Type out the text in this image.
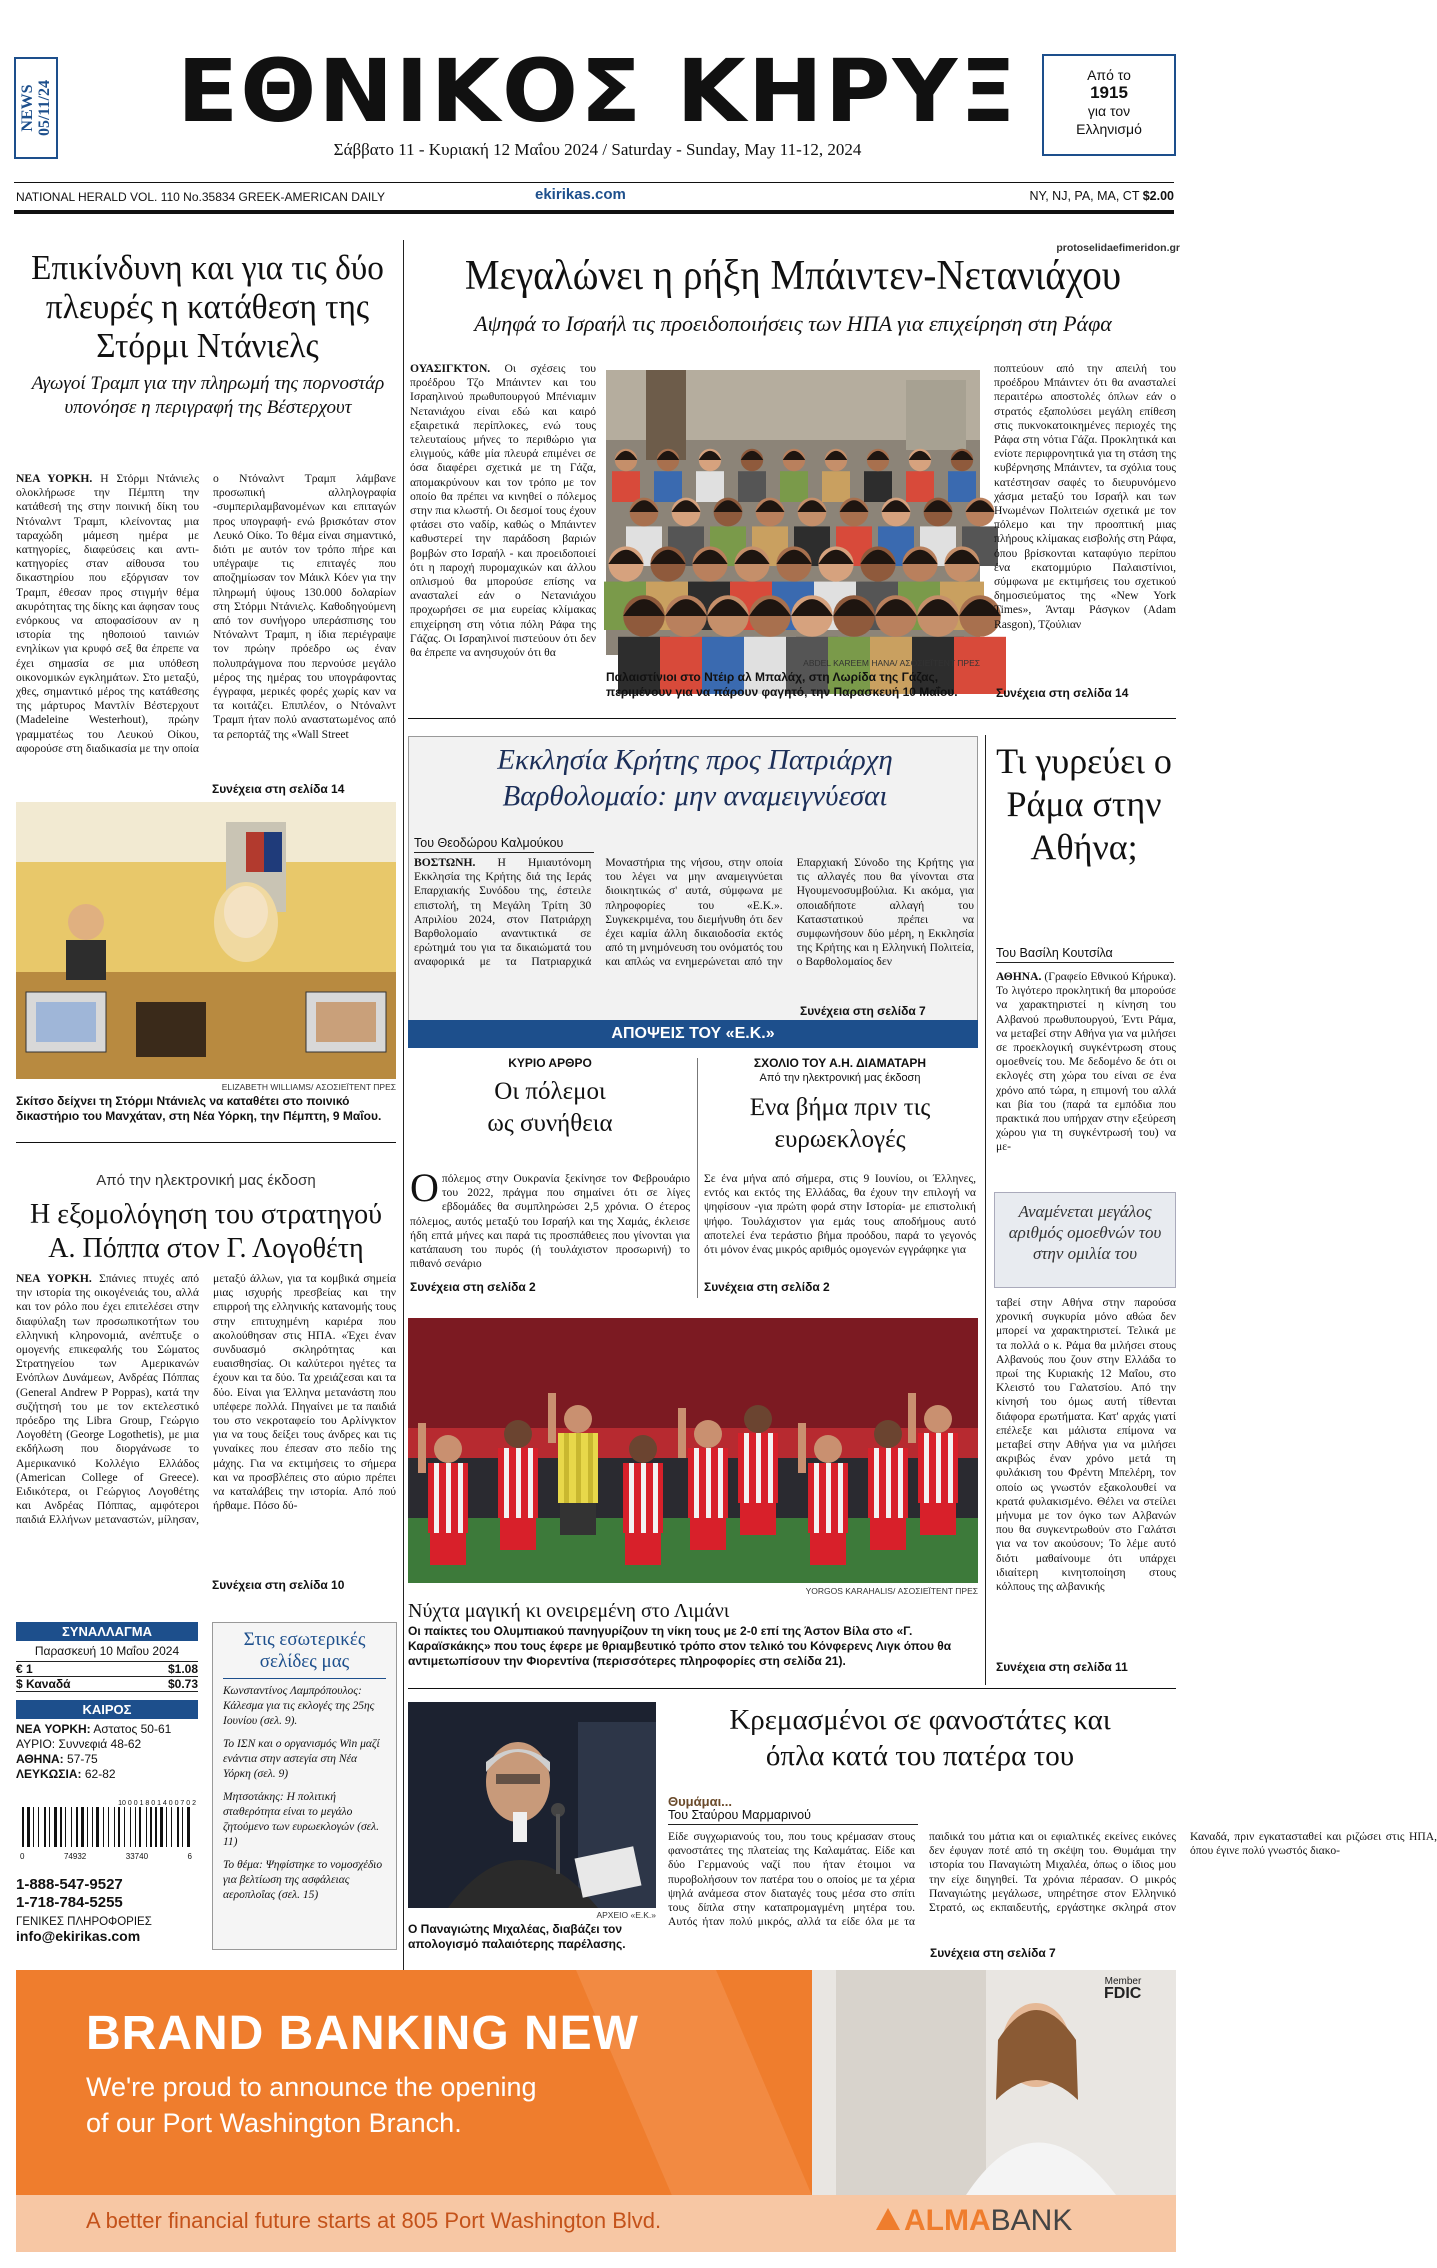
NEWS 05/11/24 ΕΘΝΙΚΟΣ ΚΗΡΥΞ
Σάββατο 11 - Κυριακή 12 Μαΐου 2024 / Saturday - Sunday, May 11-12, 2024
Από το
1915
για τον
Ελληνισμό
NATIONAL HERALD VOL. 110 No.35834 GREEK-AMERICAN DAILY	ekirikas.com	NY, NJ, PA, MA, CT $2.00
Επικίνδυνη και για τις δύο πλευρές η κατάθεση της Στόρμι Ντάνιελς
Αγωγοί Τραμπ για την πληρωμή της πορνοστάρ υπονόησε η περιγραφή της Βέστερχουτ
ΝΕΑ ΥΟΡΚΗ. Η Στόρμι Ντάνιελς ολοκλήρωσε την Πέμπτη την κατάθεσή της στην ποινική δίκη του Ντόναλντ Τραμπ, κλείνοντας μια ταραχώδη μάμεση ημέρα με κατηγορίες, διαφεύσεις και αντι-κατηγορίες σταν αίθουσα του δικαστηρίου που εξόργισαν τον Τραμπ, έθεσαν προς στιγμήν θέμα ακυρότητας της δίκης και άφησαν τους ενόρκους να αποφασίσουν αν η ιστορία της ηθοποιού ταινιών ενηλίκων για κρυφό σεξ θα έπρεπε να έχει σημασία σε μια υπόθεση οικονομικών εγκλημάτων. Στο μεταξύ, χθες, σημαντικό μέρος της κατάθεσης της μάρτυρος Μαντλίν Βέστερχουτ (Madeleine Westerhout), πρώην γραμματέως του Λευκού Οίκου, αφορούσε στη διαδικασία με την οποία ο Ντόναλντ Τραμπ λάμβανε προσωπική αλληλογραφία -συμπεριλαμβανομένων και επιταγών προς υπογραφή- ενώ βρισκόταν στον Λευκό Οίκο. Το θέμα είναι σημαντικό, διότι με αυτόν τον τρόπο πήρε και υπέγραψε τις επιταγές που αποζημίωσαν τον Μάικλ Κόεν για την πληρωμή ύψους 130.000 δολαρίων στη Στόρμι Ντάνιελς. Καθοδηγούμενη από τον συνήγορο υπεράσπισης του Ντόναλντ Τραμπ, η ίδια περιέγραψε τον πρώην πρόεδρο ως έναν πολυπράγμονα που περνούσε μεγάλο μέρος της ημέρας του υπογράφοντας έγγραφα, μερικές φορές χωρίς καν να τα κοιτάζει. Επιπλέον, ο Ντόναλντ Τραμπ ήταν πολύ αναστατωμένος από τα ρεπορτάζ της «Wall Street
Συνέχεια στη σελίδα 14
ELIZABETH WILLIAMS/ ΑΣΟΣΙΕΪΤΕΝΤ ΠΡΕΣ
Σκίτσο δείχνει τη Στόρμι Ντάνιελς να καταθέτει στο ποινικό δικαστήριο του Μανχάταν, στη Νέα Υόρκη, την Πέμπτη, 9 Μαΐου.
Από την ηλεκτρονική μας έκδοση
Η εξομολόγηση του στρατηγού Α. Πόππα στον Γ. Λογοθέτη
ΝΕΑ ΥΟΡΚΗ. Σπάνιες πτυχές από την ιστορία της οικογένειάς του, αλλά και τον ρόλο που έχει επιτελέσει στην διαφύλαξη των προσωπικοτήτων του ελληνική κληρονομιά, ανέπτυξε ο ομογενής επικεφαλής του Σώματος Στρατηγείου των Αμερικανών Ενόπλων Δυνάμεων, Ανδρέας Πόππας (General Andrew P Poppas), κατά την συζήτησή του με τον εκτελεστικό πρόεδρο της Libra Group, Γεώργιο Λογοθέτη (George Logothetis), με μια εκδήλωση που διοργάνωσε το Αμερικανικό Κολλέγιο Ελλάδος (American College of Greece). Ειδικότερα, οι Γεώργιος Λογοθέτης και Ανδρέας Πόππας, αμφότεροι παιδιά Ελλήνων μεταναστών, μίλησαν, μεταξύ άλλων, για τα κομβικά σημεία μιας ισχυρής πρεσβείας και την επιρροή της ελληνικής κατανομής τους στην επιτυχημένη καριέρα που ακολούθησαν στις ΗΠΑ. «Έχει έναν συνδυασμό σκληρότητας και ευαισθησίας. Οι καλύτεροι ηγέτες τα έχουν και τα δύο. Τα χρειάζεσαι και τα δύο. Είναι για Έλληνα μετανάστη που υπέφερε πολλά. Πηγαίνει με τα παιδιά του στο νεκροταφείο του Αρλίνγκτον για να τους δείξει τους άνδρες και τις γυναίκες που έπεσαν στο πεδίο της μάχης. Για να εκτιμήσεις το σήμερα και να προσβλέπεις στο αύριο πρέπει να καταλάβεις την ιστορία. Από πού ήρθαμε. Πόσο δύ-
Συνέχεια στη σελίδα 10
ΣΥΝΑΛΛΑΓΜΑ
Παρασκευή 10 Μαΐου 2024
€ 1	$1.08
$ Καναδά	$0.73
ΚΑΙΡΟΣ
ΝΕΑ ΥΟΡΚΗ: Αστατος 50-61
ΑΥΡΙΟ: Συννεφιά 48-62
ΑΘΗΝΑ: 57-75
ΛΕΥΚΩΣΙΑ: 62-82
10 0 0 1 8 0 1 4 0 0 7 0 2
0	74932	33740	6
1-888-547-9527
1-718-784-5255
ΓΕΝΙΚΕΣ ΠΛΗΡΟΦΟΡΙΕΣ
info@ekirikas.com
Στις εσωτερικές σελίδες μας
Κωνσταντίνος Λαμπρόπουλος: Κάλεσμα για τις εκλογές της 25ης Ιουνίου (σελ. 9).
Το ΙΣΝ και ο οργανισμός Win μαζί ενάντια στην αστεγία στη Νέα Υόρκη (σελ. 9)
Μητσοτάκης: Η πολιτική σταθερότητα είναι το μεγάλο ζητούμενο των ευρωεκλογών (σελ. 11)
Το θέμα: Ψηφίστηκε το νομοσχέδιο για βελτίωση της ασφάλειας αεροπλοΐας (σελ. 15)
protoselidaefimeridon.gr
Μεγαλώνει η ρήξη Μπάιντεν-Νετανιάχου
Αψηφά το Ισραήλ τις προειδοποιήσεις των ΗΠΑ για επιχείρηση στη Ράφα
ΟΥΑΣΙΓΚΤΟΝ. Οι σχέσεις του προέδρου Τζο Μπάιντεν και του Ισραηλινού πρωθυπουργού Μπένιαμιν Νετανιάχου είναι εδώ και καιρό εξαιρετικά περίπλοκες, ενώ τους τελευταίους μήνες το περιθώριο για ελιγμούς, κάθε μία πλευρά επιμένει σε όσα διαφέρει σχετικά με τη Γάζα, απομακρύνουν και τον τρόπο με τον οποίο θα πρέπει να κινηθεί ο πόλεμος στην πια κλωστή. Οι δεσμοί τους έχουν φτάσει στο ναδίρ, καθώς ο Μπάιντεν καθυστερεί την παράδοση βαριών βομβών στο Ισραήλ - και προειδοποιεί ότι η παροχή πυρομαχικών και άλλου οπλισμού θα μπορούσε επίσης να ανασταλεί εάν ο Νετανιάχου προχωρήσει σε μια ευρείας κλίμακας επιχείρηση στη νότια πόλη Ράφα της Γάζας. Οι Ισραηλινοί πιστεύουν ότι δεν θα έπρεπε να ανησυχούν ότι θα
ABDEL KAREEM HANA/ ΑΣΟΣΙΕΪΤΕΝΤ ΠΡΕΣ
Παλαιστίνιοι στο Ντέιρ αλ Μπαλάχ, στη Λωρίδα της Γάζας, περιμένουν για να πάρουν φαγητό, την Παρασκευή 10 Μαΐου.
ποπτεύουν από την απειλή του προέδρου Μπάιντεν ότι θα ανασταλεί περαιτέρω αποστολές όπλων εάν ο στρατός εξαπολύσει μεγάλη επίθεση στις πυκνοκατοικημένες περιοχές της Ράφα στη νότια Γάζα. Προκλητικά και ενίοτε περιφρονητικά για τη στάση της κυβέρνησης Μπάιντεν, τα σχόλια τους κατέστησαν σαφές το διευρυνόμενο χάσμα μεταξύ του Ισραήλ και των Ηνωμένων Πολιτειών σχετικά με τον πόλεμο και την προοπτική μιας πλήρους κλίμακας εισβολής στη Ράφα, όπου βρίσκονται καταφύγιο περίπου ένα εκατομμύριο Παλαιστίνιοι, σύμφωνα με εκτιμήσεις του σχετικού δημοσιεύματος της «New York Times», Άνταμ Ράσγκον (Adam Rasgon), Τζούλιαν
Συνέχεια στη σελίδα 14
Εκκλησία Κρήτης προς Πατριάρχη Βαρθολομαίο: μην αναμειγνύεσαι
Του Θεοδώρου Καλμούκου
ΒΟΣΤΩΝΗ. Η Ημιαυτόνομη Εκκλησία της Κρήτης διά της Ιεράς Επαρχιακής Συνόδου της, έστειλε επιστολή, τη Μεγάλη Τρίτη 30 Απριλίου 2024, στον Πατριάρχη Βαρθολομαίο αναντικτικά σε ερώτημά του για τα δικαιώματά του αναφορικά με τα Πατριαρχικά Μοναστήρια της νήσου, στην οποία του λέγει να μην αναμειγνύεται διοικητικώς σ' αυτά, σύμφωνα με πληροφορίες του «Ε.Κ.». Συγκεκριμένα, του διεμήνυθη ότι δεν έχει καμία άλλη δικαιοδοσία εκτός από τη μνημόνευση του ονόματός του και απλώς να ενημερώνεται από την Επαρχιακή Σύνοδο της Κρήτης για τις αλλαγές που θα γίνονται στα Ηγουμενοσυμβούλια. Κι ακόμα, για οποιαδήποτε αλλαγή του Καταστατικού πρέπει να συμφωνήσουν δύο μέρη, η Εκκλησία της Κρήτης και η Ελληνική Πολιτεία, ο Βαρθολομαίος δεν
Συνέχεια στη σελίδα 7
Τι γυρεύει ο Ράμα στην Αθήνα;
Του Βασίλη Κουτσίλα
ΑΘΗΝΑ. (Γραφείο Εθνικού Κήρυκα). Το λιγότερο προκλητική θα μπορούσε να χαρακτηριστεί η κίνηση του Αλβανού πρωθυπουργού, Έντι Ράμα, να μεταβεί στην Αθήνα για να μιλήσει σε προεκλογική συγκέντρωση στους ομοεθνείς του. Με δεδομένο δε ότι οι εκλογές στη χώρα του είναι σε ένα χρόνο από τώρα, η επιμονή του αλλά και βία του (παρά τα εμπόδια που πρακτικά που υπήρχαν στην εξεύρεση χώρου για τη συγκέντρωσή του) να με-
Αναμένεται μεγάλος αριθμός ομοεθνών του στην ομιλία του
ταβεί στην Αθήνα στην παρούσα χρονική συγκυρία μόνο αθώα δεν μπορεί να χαρακτηριστεί. Τελικά με τα πολλά ο κ. Ράμα θα μιλήσει στους Αλβανούς που ζουν στην Ελλάδα το πρωί της Κυριακής 12 Μαΐου, στο Κλειστό του Γαλατσίου. Από την κίνησή του όμως αυτή τίθενται διάφορα ερωτήματα. Κατ' αρχάς γιατί επέλεξε και μάλιστα επίμονα να μεταβεί στην Αθήνα για να μιλήσει ακριβώς έναν χρόνο μετά τη φυλάκιση του Φρέντη Μπελέρη, τον οποίο ως γνωστόν εξακολουθεί να κρατά φυλακισμένο. Θέλει να στείλει μήνυμα με τον όγκο των Αλβανών που θα συγκεντρωθούν στο Γαλάτσι για να τον ακούσουν; Το λέμε αυτό διότι μαθαίνουμε ότι υπάρχει ιδιαίτερη κινητοποίηση στους κόλπους της αλβανικής
Συνέχεια στη σελίδα 11
ΑΠΟΨΕΙΣ ΤΟΥ «Ε.Κ.»
ΚΥΡΙΟ ΑΡΘΡΟ
Οι πόλεμοι ως συνήθεια
Ο πόλεμος στην Ουκρανία ξεκίνησε τον Φεβρουάριο του 2022, πράγμα που σημαίνει ότι σε λίγες εβδομάδες θα συμπληρώσει 2,5 χρόνια. Ο έτερος πόλεμος, αυτός μεταξύ του Ισραήλ και της Χαμάς, έκλεισε ήδη επτά μήνες και παρά τις προσπάθειες που γίνονται για κατάπαυση του πυρός (ή τουλάχιστον προσωρινή) το πιθανό σενάριο
Συνέχεια στη σελίδα 2
ΣΧΟΛΙΟ ΤΟΥ Α.Η. ΔΙΑΜΑΤΑΡΗ
Από την ηλεκτρονική μας έκδοση
Ενα βήμα πριν τις ευρωεκλογές
Σε ένα μήνα από σήμερα, στις 9 Ιουνίου, οι Έλληνες, εντός και εκτός της Ελλάδας, θα έχουν την επιλογή να ψηφίσουν -για πρώτη φορά στην Ιστορία- με επιστολική ψήφο. Τουλάχιστον για εμάς τους αποδήμους αυτό αποτελεί ένα τεράστιο βήμα προόδου, παρά το γεγονός ότι μόνον ένας μικρός αριθμός ομογενών εγγράφηκε για
Συνέχεια στη σελίδα 2
YORGOS KARAHALIS/ ΑΣΟΣΙΕΪΤΕΝΤ ΠΡΕΣ
Νύχτα μαγική κι ονειρεμένη στο Λιμάνι
Οι παίκτες του Ολυμπιακού πανηγυρίζουν τη νίκη τους με 2-0 επί της Άστον Βίλα στο «Γ. Καραϊσκάκης» που τους έφερε με θριαμβευτικό τρόπο στον τελικό του Κόνφερενς Λιγκ όπου θα αντιμετωπίσουν την Φιορεντίνα (περισσότερες πληροφορίες στη σελίδα 21).
ΑΡΧΕΙΟ «Ε.Κ.»
Ο Παναγιώτης Μιχαλέας, διαβάζει τον απολογισμό παλαιότερης παρέλασης.
Κρεμασμένοι σε φανοστάτες και όπλα κατά του πατέρα του
Θυμάμαι...
Του Σταύρου Μαρμαρινού
Είδε συγχωριανούς του, που τους κρέμασαν στους φανοστάτες της πλατείας της Καλαμάτας. Είδε και δύο Γερμανούς ναζί που ήταν έτοιμοι να πυροβολήσουν τον πατέρα του ο οποίος με τα χέρια ψηλά ανάμεσα στον διαταγές τους μέσα στο σπίτι τους δίπλα στην καταπρομαγμένη μητέρα του. Αυτός ήταν πολύ μικρός, αλλά τα είδε όλα με τα παιδικά του μάτια και οι εφιαλτικές εκείνες εικόνες δεν έφυγαν ποτέ από τη σκέψη του. Θυμάμαι την ιστορία του Παναγιώτη Μιχαλέα, όπως ο ίδιος μου την είχε διηγηθεί. Τα χρόνια πέρασαν. Ο μικρός Παναγιώτης μεγάλωσε, υπηρέτησε στον Ελληνικό Στρατό, ως εκπαιδευτής, εργάστηκε σκληρά στον Καναδά, πριν εγκατασταθεί και ριζώσει στις ΗΠΑ, όπου έγινε πολύ γνωστός διακο-
Συνέχεια στη σελίδα 7
BRAND BANKING NEW
We're proud to announce the opening
of our Port Washington Branch.
A better financial future starts at 805 Port Washington Blvd.
Member
FDIC
ALMABANK
